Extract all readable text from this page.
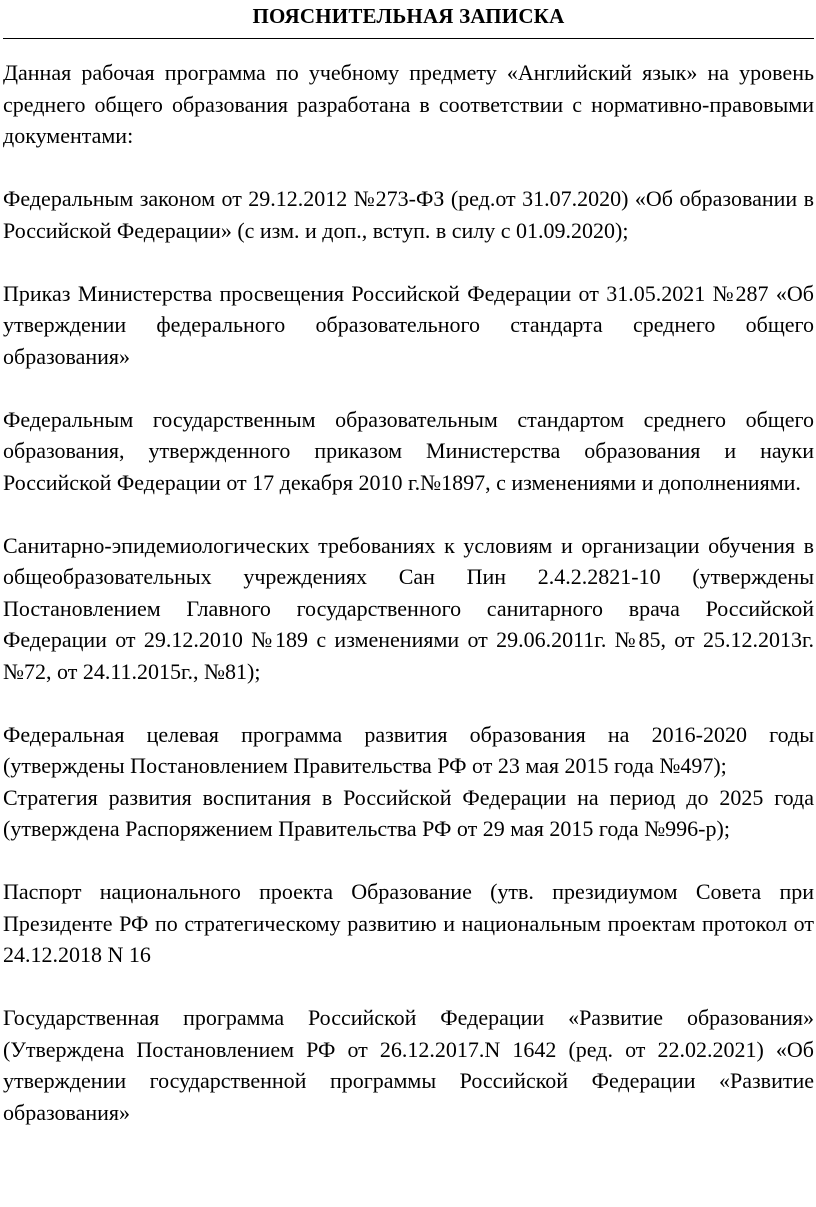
ПОЯСНИТЕЛЬНАЯ ЗАПИСКА

Данная рабочая программа по учебному предмету «Английский язык» на уровень среднего общего образования разработана в соответствии с нормативно-правовыми документами:

Федеральным законом от 29.12.2012 №273-ФЗ (ред.от 31.07.2020) «Об образовании в Российской Федерации» (с изм. и доп., вступ. в силу с 01.09.2020);

Приказ Министерства просвещения Российской Федерации от 31.05.2021 №287 «Об утверждении федерального образовательного стандарта среднего общего образования»

Федеральным государственным образовательным стандартом среднего общего образования, утвержденного приказом Министерства образования и науки Российской Федерации от 17 декабря 2010 г.№1897, с изменениями и дополнениями.

Санитарно-эпидемиологических требованиях к условиям и организации обучения в общеобразовательных учреждениях Сан Пин 2.4.2.2821-10 (утверждены Постановлением Главного государственного санитарного врача Российской Федерации от 29.12.2010 №189 с изменениями от 29.06.2011г. №85, от 25.12.2013г. №72, от 24.11.2015г., №81);

Федеральная целевая программа развития образования на 2016-2020 годы (утверждены Постановлением Правительства РФ от 23 мая 2015 года №497);

Стратегия развития воспитания в Российской Федерации на период до 2025 года (утверждена Распоряжением Правительства РФ от 29 мая 2015 года №996-р);

Паспорт национального проекта Образование (утв. президиумом Совета при Президенте РФ по стратегическому развитию и национальным проектам протокол от 24.12.2018 N 16

Государственная программа Российской Федерации «Развитие образования» (Утверждена Постановлением РФ от 26.12.2017.N 1642 (ред. от 22.02.2021) «Об утверждении государственной программы Российской Федерации «Развитие образования»
